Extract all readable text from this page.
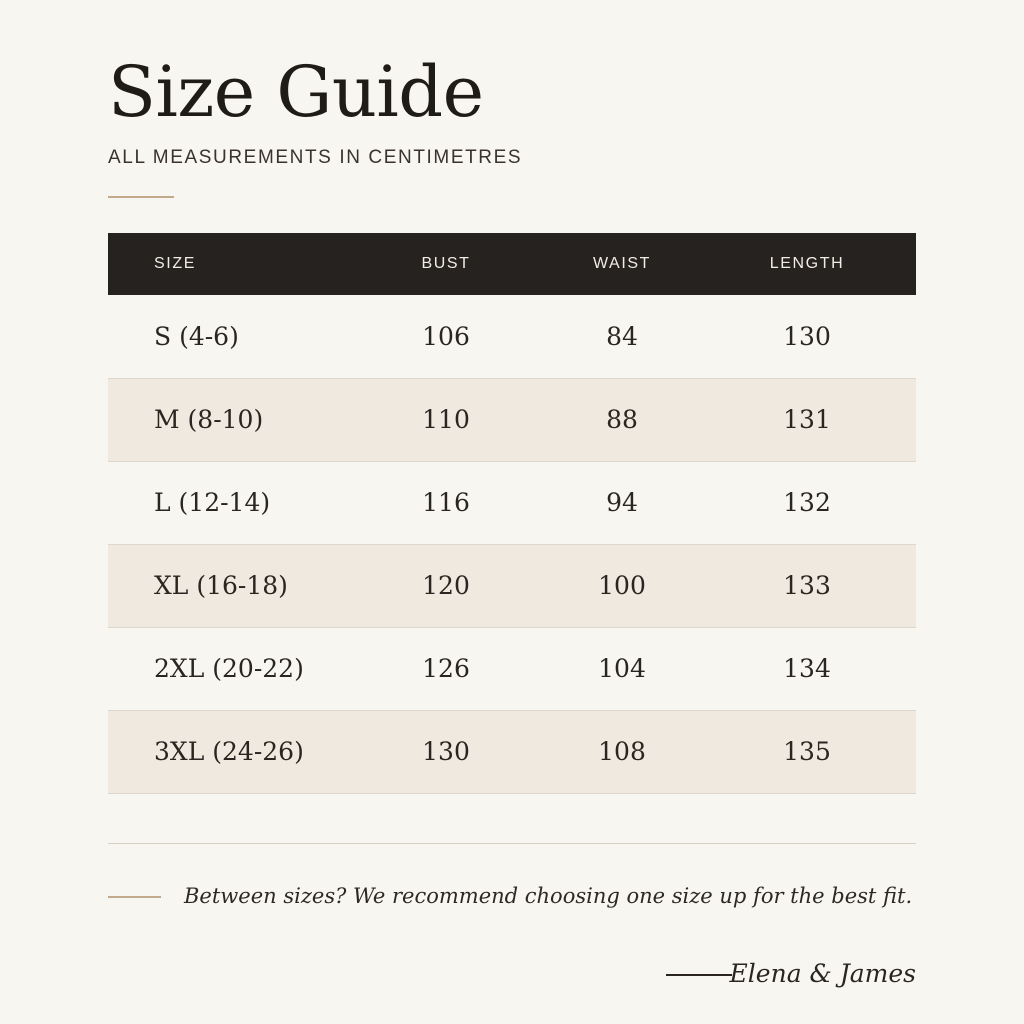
Size Guide
ALL MEASUREMENTS IN CENTIMETRES
SIZE	BUST	WAIST	LENGTH
S (4-6)	106	84	130
M (8-10)	110	88	131
L (12-14)	116	94	132
XL (16-18)	120	100	133
2XL (20-22)	126	104	134
3XL (24-26)	130	108	135
Between sizes? We recommend choosing one size up for the best fit.
Elena & James
